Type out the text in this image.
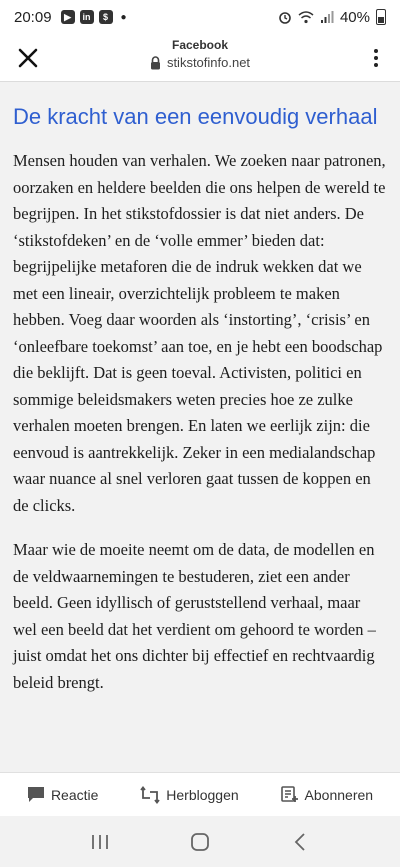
20:09	▶	in	$	●	40%
Facebook
stikstofinfo.net
De kracht van een eenvoudig verhaal

Mensen houden van verhalen. We zoeken naar patronen, oorzaken en heldere beelden die ons helpen de wereld te begrijpen. In het stikstofdossier is dat niet anders. De ‘stikstofdeken’ en de ‘volle emmer’ bieden dat: begrijpelijke metaforen die de indruk wekken dat we met een lineair, overzichtelijk probleem te maken hebben. Voeg daar woorden als ‘instorting’, ‘crisis’ en ‘onleefbare toekomst’ aan toe, en je hebt een boodschap die beklijft. Dat is geen toeval. Activisten, politici en sommige beleidsmakers weten precies hoe ze zulke verhalen moeten brengen. En laten we eerlijk zijn: die eenvoud is aantrekkelijk. Zeker in een medialandschap waar nuance al snel verloren gaat tussen de koppen en de clicks.

Maar wie de moeite neemt om de data, de modellen en de veldwaarnemingen te bestuderen, ziet een ander beeld. Geen idyllisch of geruststellend verhaal, maar wel een beeld dat het verdient om gehoord te worden – juist omdat het ons dichter bij effectief en rechtvaardig beleid brengt.

Reactie	Herbloggen	Abonneren
